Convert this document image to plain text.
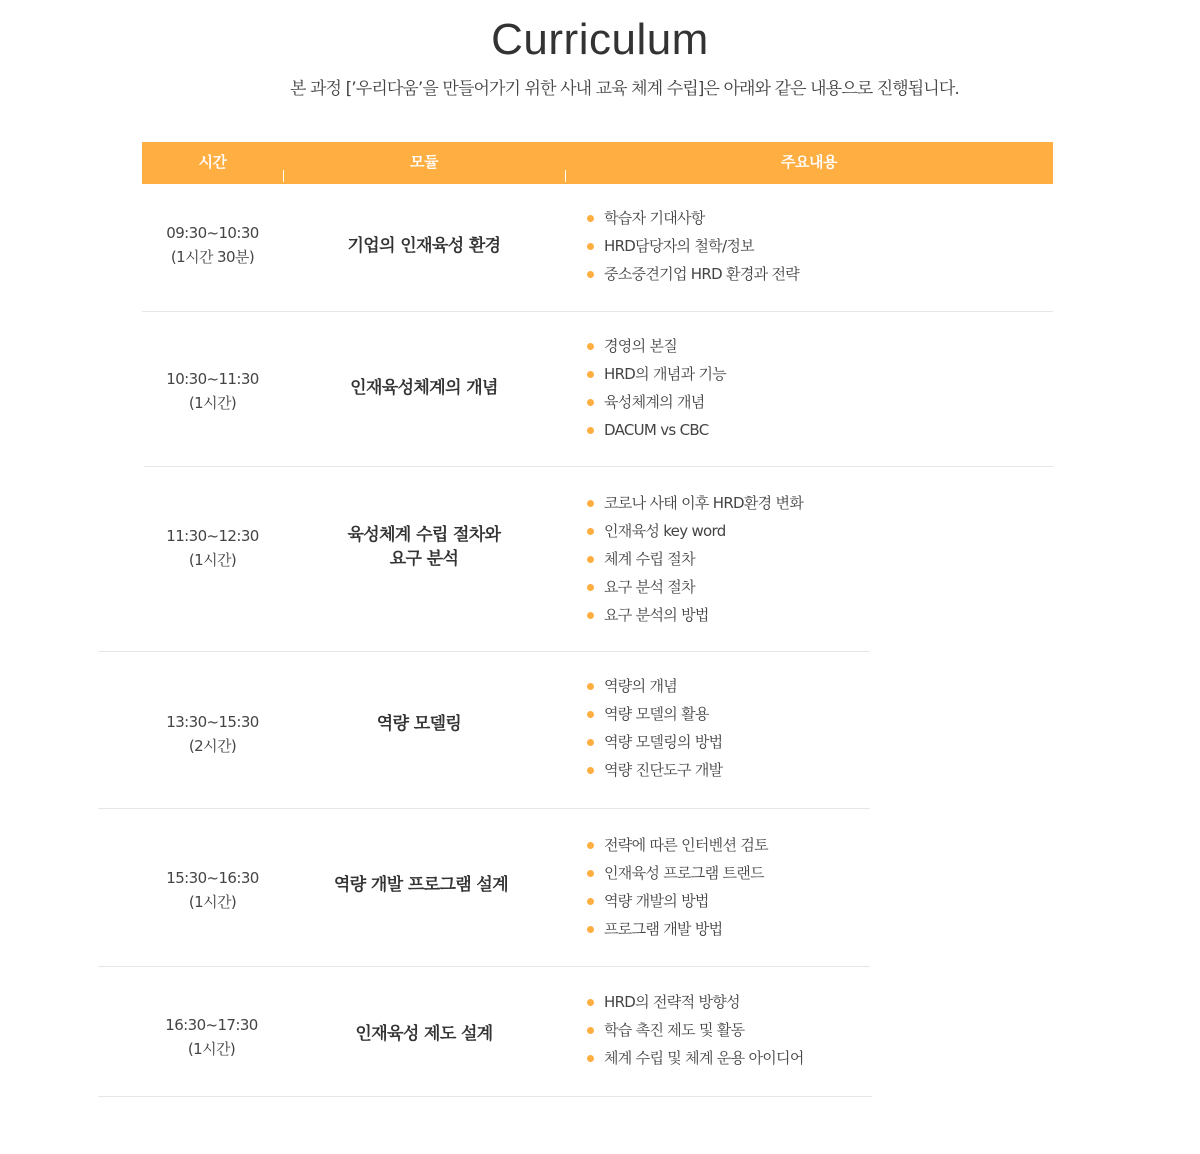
Curriculum
본 과정 [’우리다움’을 만들어가기 위한 사내 교육 체계 수립]은 아래와 같은 내용으로 진행됩니다.
시간	모듈	주요내용
09:30~10:30
(1시간 30분)
기업의 인재육성 환경
학습자 기대사항
HRD담당자의 철학/정보
중소중견기업 HRD 환경과 전략
10:30~11:30
(1시간)
인재육성체계의 개념
경영의 본질
HRD의 개념과 기능
육성체계의 개념
DACUM vs CBC
11:30~12:30
(1시간)
육성체계 수립 절차와
요구 분석
코로나 사태 이후 HRD환경 변화
인재육성 key word
체계 수립 절차
요구 분석 절차
요구 분석의 방법
13:30~15:30
(2시간)
역량 모델링
역량의 개념
역량 모델의 활용
역량 모델링의 방법
역량 진단도구 개발
15:30~16:30
(1시간)
역량 개발 프로그램 설계
전략에 따른 인터벤션 검토
인재육성 프로그램 트랜드
역량 개발의 방법
프로그램 개발 방법
16:30~17:30
(1시간)
인재육성 제도 설계
HRD의 전략적 방향성
학습 촉진 제도 및 활동
체계 수립 및 체계 운용 아이디어
